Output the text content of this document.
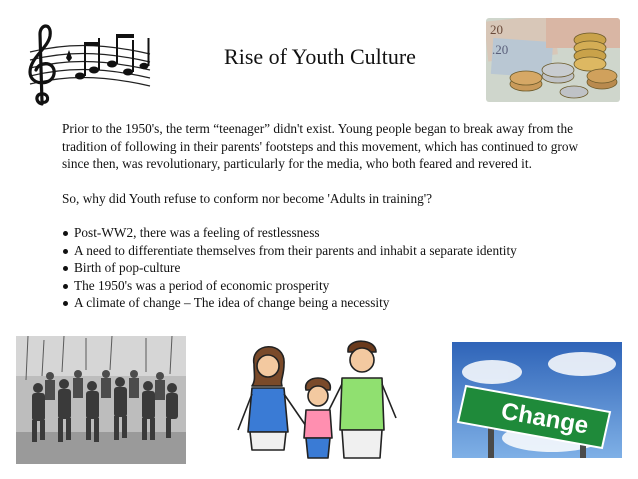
Rise of Youth Culture
20
.20

Prior to the 1950's, the term “teenager” didn't exist. Young people began to break away from the tradition of following in their parents' footsteps and this movement, which has continued to grow since then, was revolutionary, particularly for the media, who both feared and revered it.

So, why did Youth refuse to conform nor become 'Adults in training'?

Post-WW2, there was a feeling of restlessness
A need to differentiate themselves from their parents and inhabit a separate identity
Birth of pop-culture
The 1950's was a period of economic prosperity
A climate of change – The idea of change being a necessity
Change
